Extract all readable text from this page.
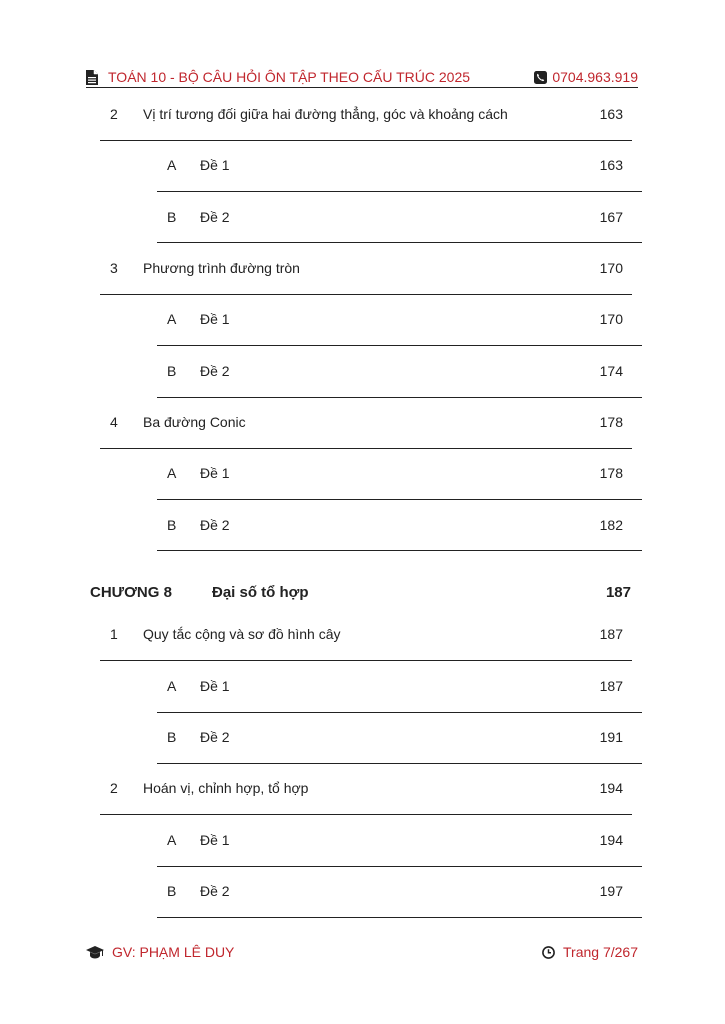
TOÁN 10 - BỘ CÂU HỎI ÔN TẬP THEO CẤU TRÚC 2025	0704.963.919
2 Vị trí tương đối giữa hai đường thẳng, góc và khoảng cách	163
A Đề 1	163
B Đề 2	167
3 Phương trình đường tròn	170
A Đề 1	170
B Đề 2	174
4 Ba đường Conic	178
A Đề 1	178
B Đề 2	182
CHƯƠNG 8	Đại số tổ hợp	187
1 Quy tắc cộng và sơ đồ hình cây	187
A Đề 1	187
B Đề 2	191
2 Hoán vị, chỉnh hợp, tổ hợp	194
A Đề 1	194
B Đề 2	197
GV: PHẠM LÊ DUY	Trang 7/267
